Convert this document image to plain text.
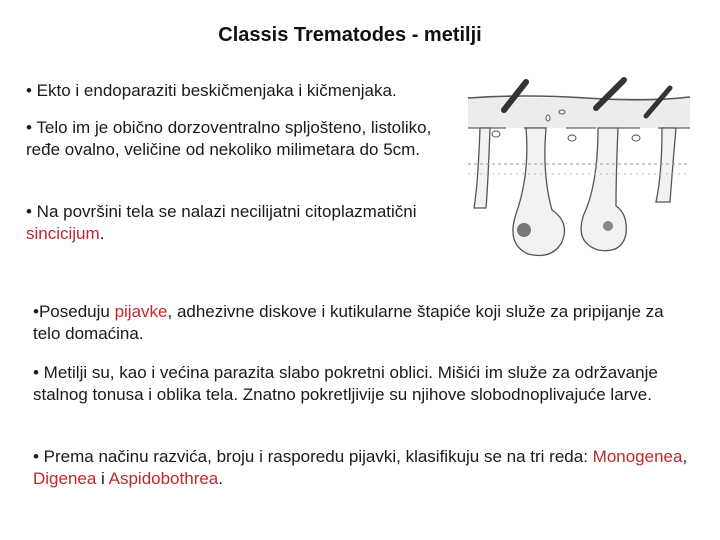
Classis Trematodes - metilji

• Ekto i endoparaziti beskičmenjaka i kičmenjaka.

• Telo im je obično dorzoventralno spljošteno, listoliko, ređe ovalno, veličine od nekoliko milimetara do 5cm.

• Na površini tela se nalazi necilijatni citoplazmatični sincicijum.

•Poseduju pijavke, adhezivne diskove i kutikularne štapiće koji služe za pripijanje za telo domaćina.

• Metilji su, kao i većina parazita slabo pokretni oblici. Mišići im služe za održavanje stalnog tonusa i oblika tela. Znatno pokretljivije su njihove slobodnoplivajuće larve.

• Prema načinu razvića, broju i rasporedu pijavki, klasifikuju se na tri reda: Monogenea, Digenea i Aspidobothrea.
